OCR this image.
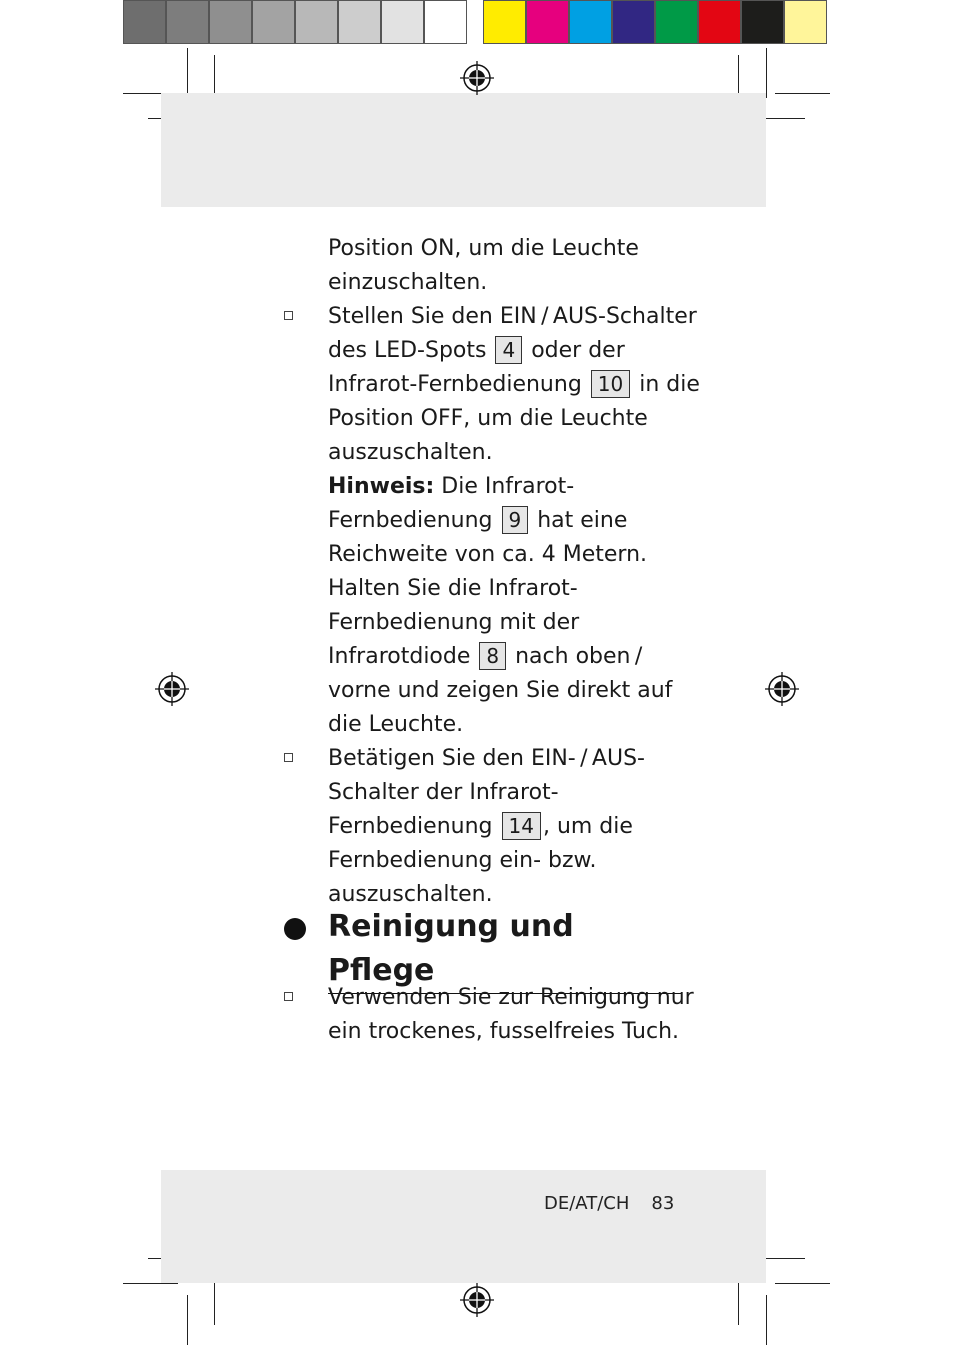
Position ON, um die Leuchte einzuschalten.
Stellen Sie den EIN / AUS-Schalter des LED-Spots 4 oder der Infrarot-Fernbedienung 10 in die Position OFF, um die Leuchte auszuschalten.
Hinweis: Die Infrarot-Fernbedienung 9 hat eine Reichweite von ca. 4 Metern. Halten Sie die Infrarot- Fernbedienung mit der Infrarotdiode 8 nach oben / vorne und zeigen Sie direkt auf die Leuchte.
Betätigen Sie den EIN- / AUS-Schalter der Infrarot-Fernbedienung 14 , um die Fernbedienung ein- bzw. auszuschalten.
Reinigung und Pflege
Verwenden Sie zur Reinigung nur ein trockenes, fusselfreies Tuch.
DE/AT/CH 83
